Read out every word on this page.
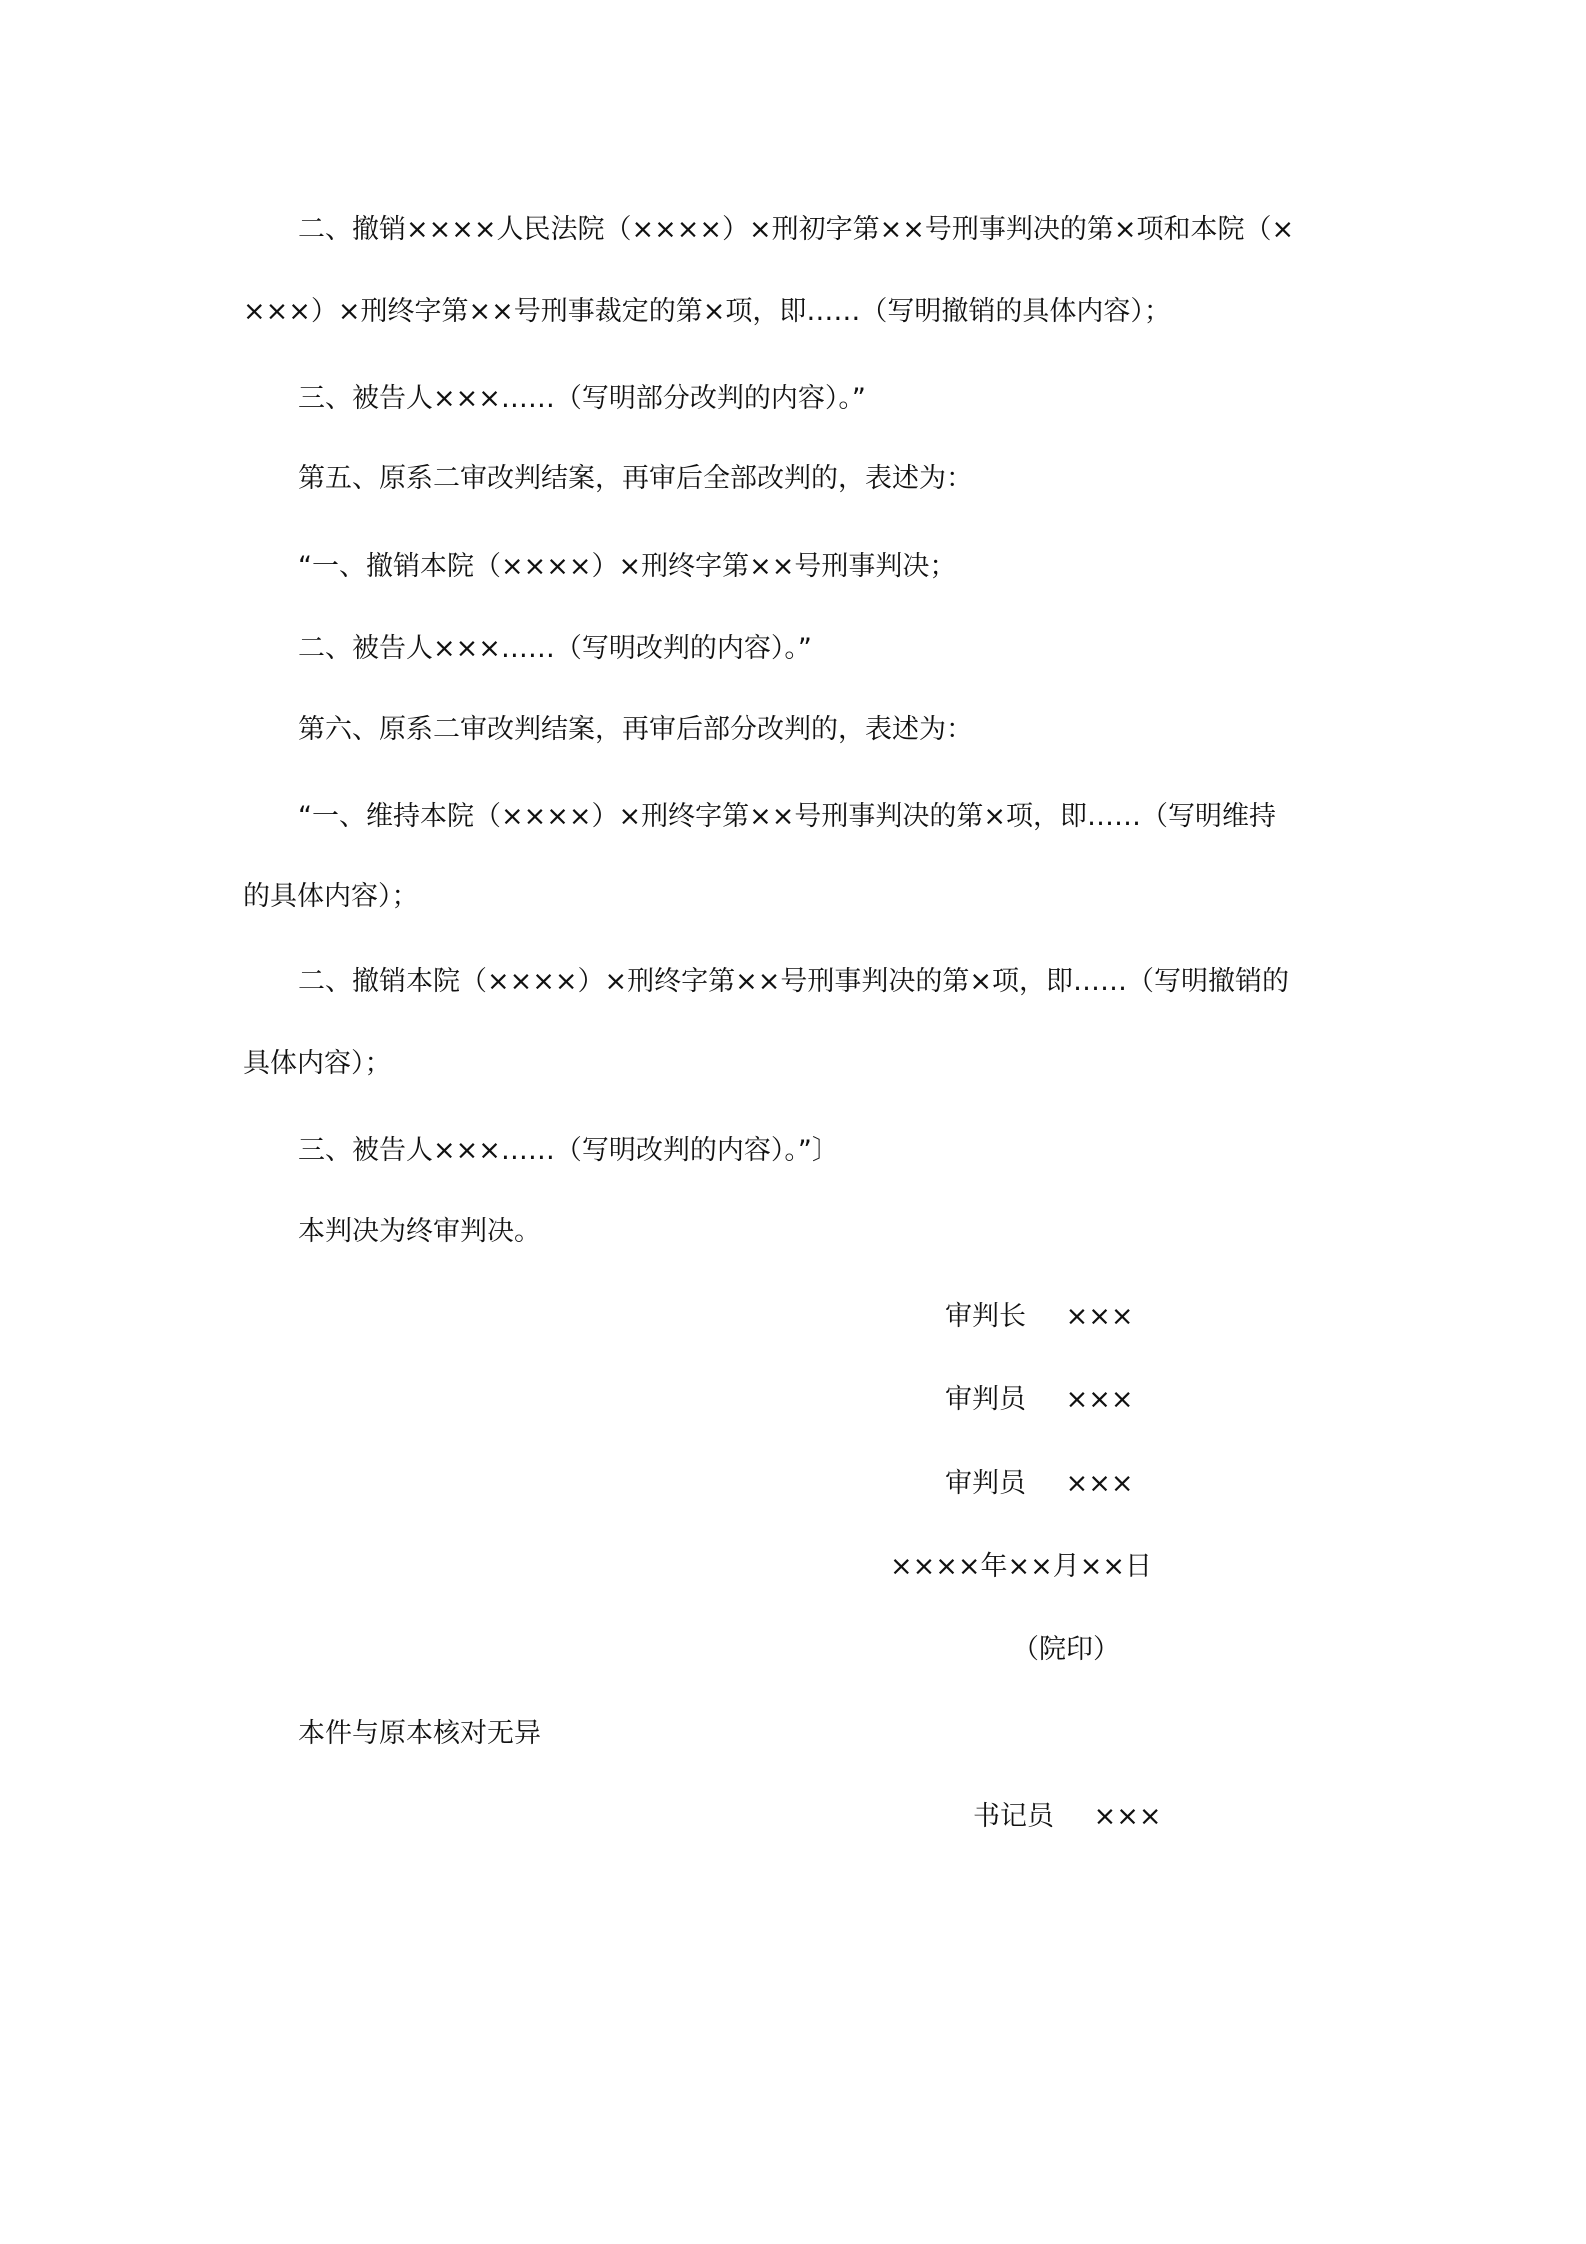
二、撤销××××人民法院（××××）×刑初字第××号刑事判决的第×项和本院（×
×××）×刑终字第××号刑事裁定的第×项，即……（写明撤销的具体内容）；
三、被告人×××……（写明部分改判的内容）。”
第五、原系二审改判结案，再审后全部改判的，表述为：
“一、撤销本院（××××）×刑终字第××号刑事判决；
二、被告人×××……（写明改判的内容）。”
第六、原系二审改判结案，再审后部分改判的，表述为：
“一、维持本院（××××）×刑终字第××号刑事判决的第×项，即……（写明维持
的具体内容）；
二、撤销本院（××××）×刑终字第××号刑事判决的第×项，即……（写明撤销的
具体内容）；
三、被告人×××……（写明改判的内容）。”〕
本判决为终审判决。
审判长 ×××
审判员 ×××
审判员 ×××
××××年××月××日
（院印）
本件与原本核对无异
书记员 ×××
